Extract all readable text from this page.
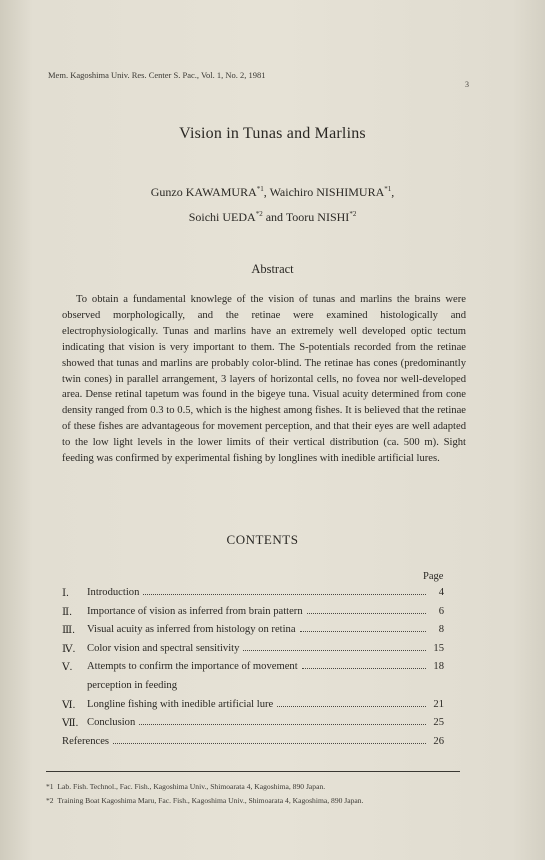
Mem. Kagoshima Univ. Res. Center S. Pac., Vol. 1, No. 2, 1981
3
Vision in Tunas and Marlins
Gunzo KAWAMURA$^{*1}$, Waichiro NISHIMURA$^{*1}$,
Soichi UEDA$^{*2}$ and Tooru NISHI$^{*2}$
Abstract

To obtain a fundamental knowlege of the vision of tunas and marlins the brains were observed morphologically, and the retinae were examined histologically and electrophysiologically. Tunas and marlins have an extremely well developed optic tectum indicating that vision is very important to them. The S-potentials recorded from the retinae showed that tunas and marlins are probably color-blind. The retinae has cones (predominantly twin cones) in parallel arrangement, 3 layers of horizontal cells, no fovea nor well-developed area. Dense retinal tapetum was found in the bigeye tuna. Visual acuity determined from cone density ranged from 0.3 to 0.5, which is the highest among fishes. It is believed that the retinae of these fishes are advantageous for movement perception, and that their eyes are well adapted to the low light levels in the lower limits of their vertical distribution (ca. 500 m). Sight feeding was confirmed by experimental fishing by longlines with inedible artificial lures.

CONTENTS
Page
Ⅰ.	Introduction	4
Ⅱ.	Importance of vision as inferred from brain pattern	6
Ⅲ.	Visual acuity as inferred from histology on retina	8
Ⅳ.	Color vision and spectral sensitivity	15
Ⅴ.	Attempts to confirm the importance of movement	18
perception in feeding
Ⅵ.	Longline fishing with inedible artificial lure	21
Ⅶ. Conclusion	25
References	26
*1 Lab. Fish. Technol., Fac. Fish., Kagoshima Univ., Shimoarata 4, Kagoshima, 890 Japan.
*2 Training Boat Kagoshima Maru, Fac. Fish., Kagoshima Univ., Shimoarata 4, Kagoshima, 890 Japan.
